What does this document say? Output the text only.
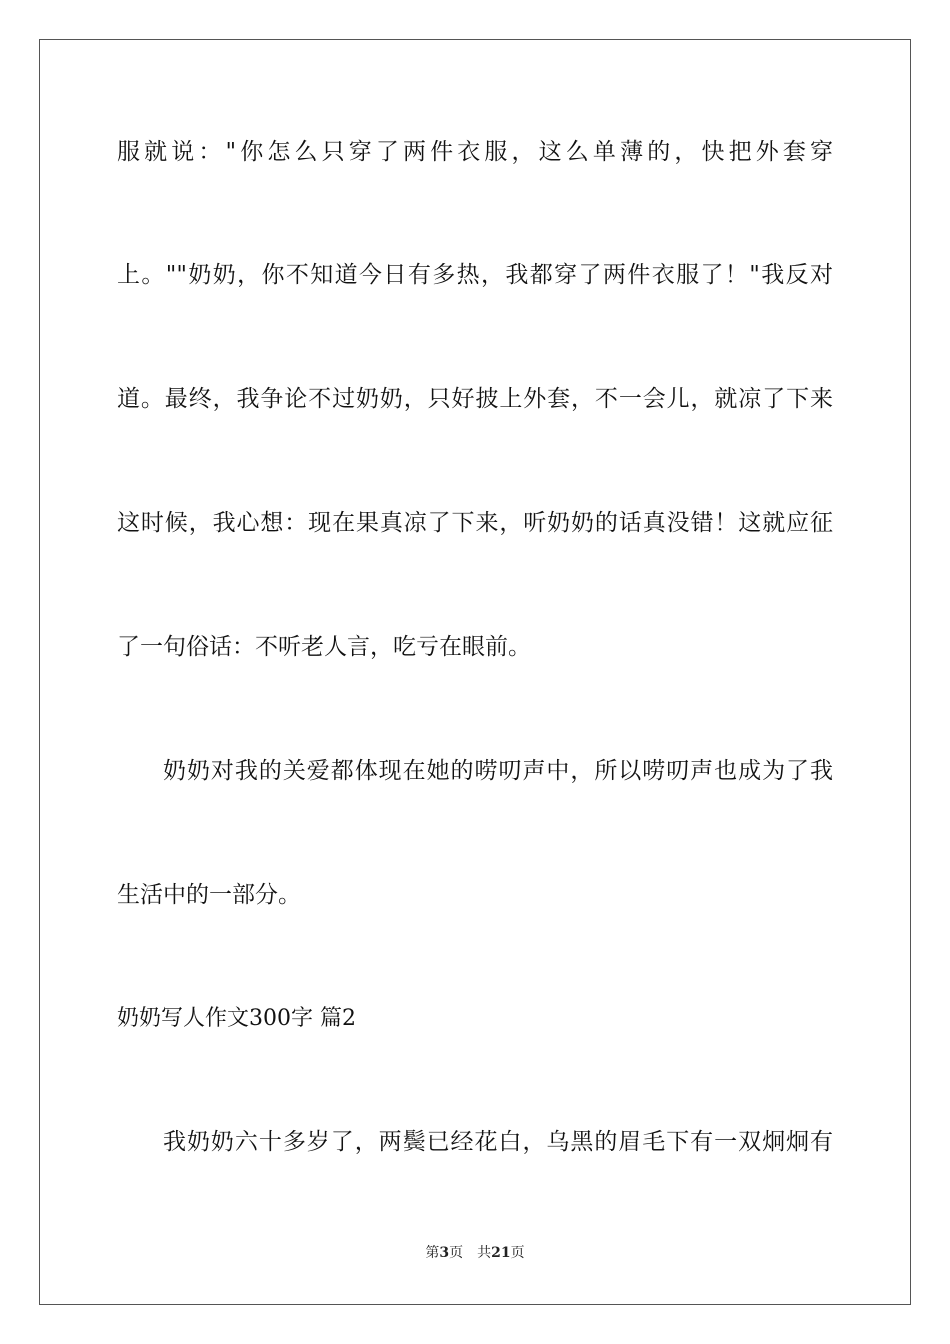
服就说："你怎么只穿了两件衣服，这么单薄的，快把外套穿
上。""奶奶，你不知道今日有多热，我都穿了两件衣服了！"我反对
道。最终，我争论不过奶奶，只好披上外套，不一会儿，就凉了下来
这时候，我心想：现在果真凉了下来，听奶奶的话真没错！这就应征
了一句俗话：不听老人言，吃亏在眼前。
奶奶对我的关爱都体现在她的唠叨声中，所以唠叨声也成为了我
生活中的一部分。
奶奶写人作文300字 篇2
我奶奶六十多岁了，两鬓已经花白，乌黑的眉毛下有一双炯炯有
第3页 共21页
